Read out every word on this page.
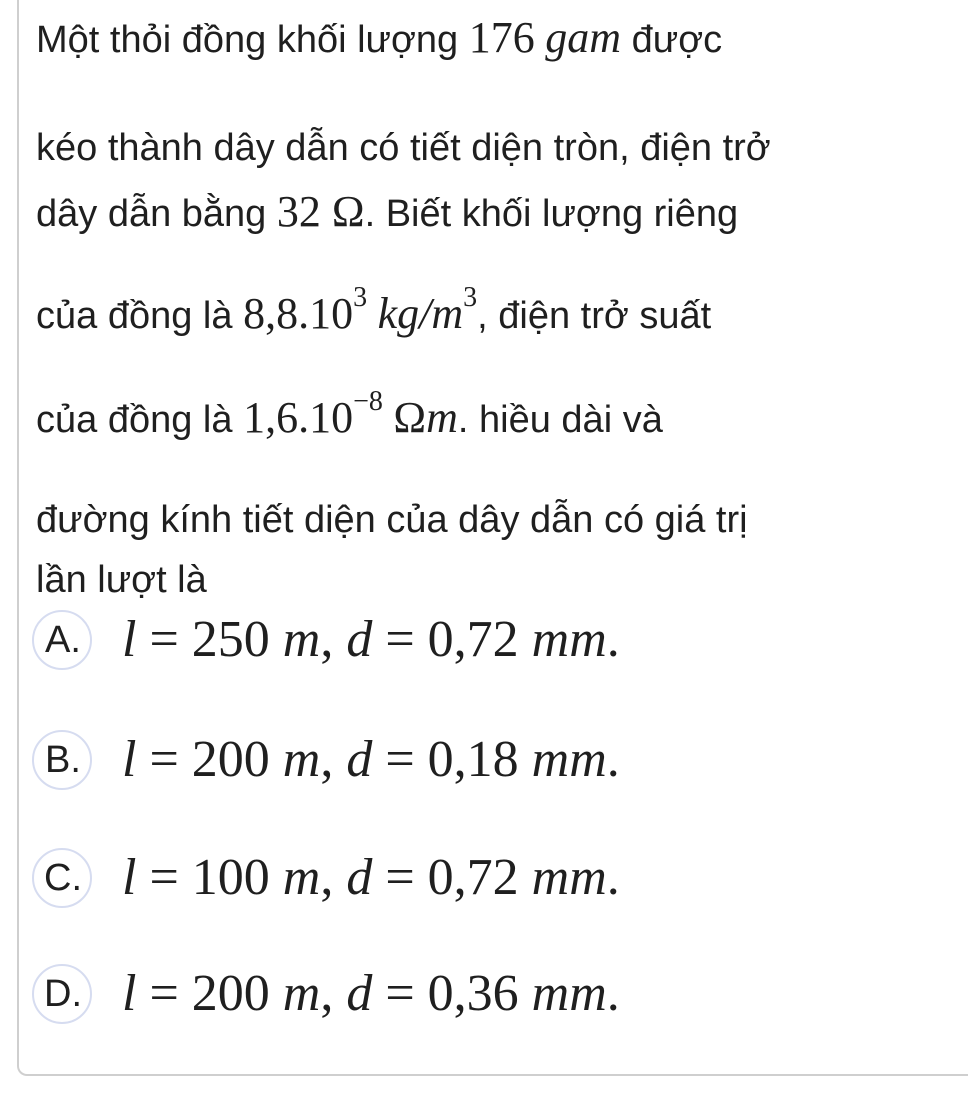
Một thỏi đồng khối lượng 176 gam được
kéo thành dây dẫn có tiết diện tròn, điện trở
dây dẫn bằng 32 Ω. Biết khối lượng riêng
của đồng là 8,8.10$^3$ $kg/m^3$, điện trở suất
của đồng là $1,6.10^{-8}$ Ωm. hiều dài và
đường kính tiết diện của dây dẫn có giá trị
lần lượt là
A. l = 250 m, d = 0,72 mm.
B. l = 200 m, d = 0,18 mm.
C. l = 100 m, d = 0,72 mm.
D. l = 200 m, d = 0,36 mm.
